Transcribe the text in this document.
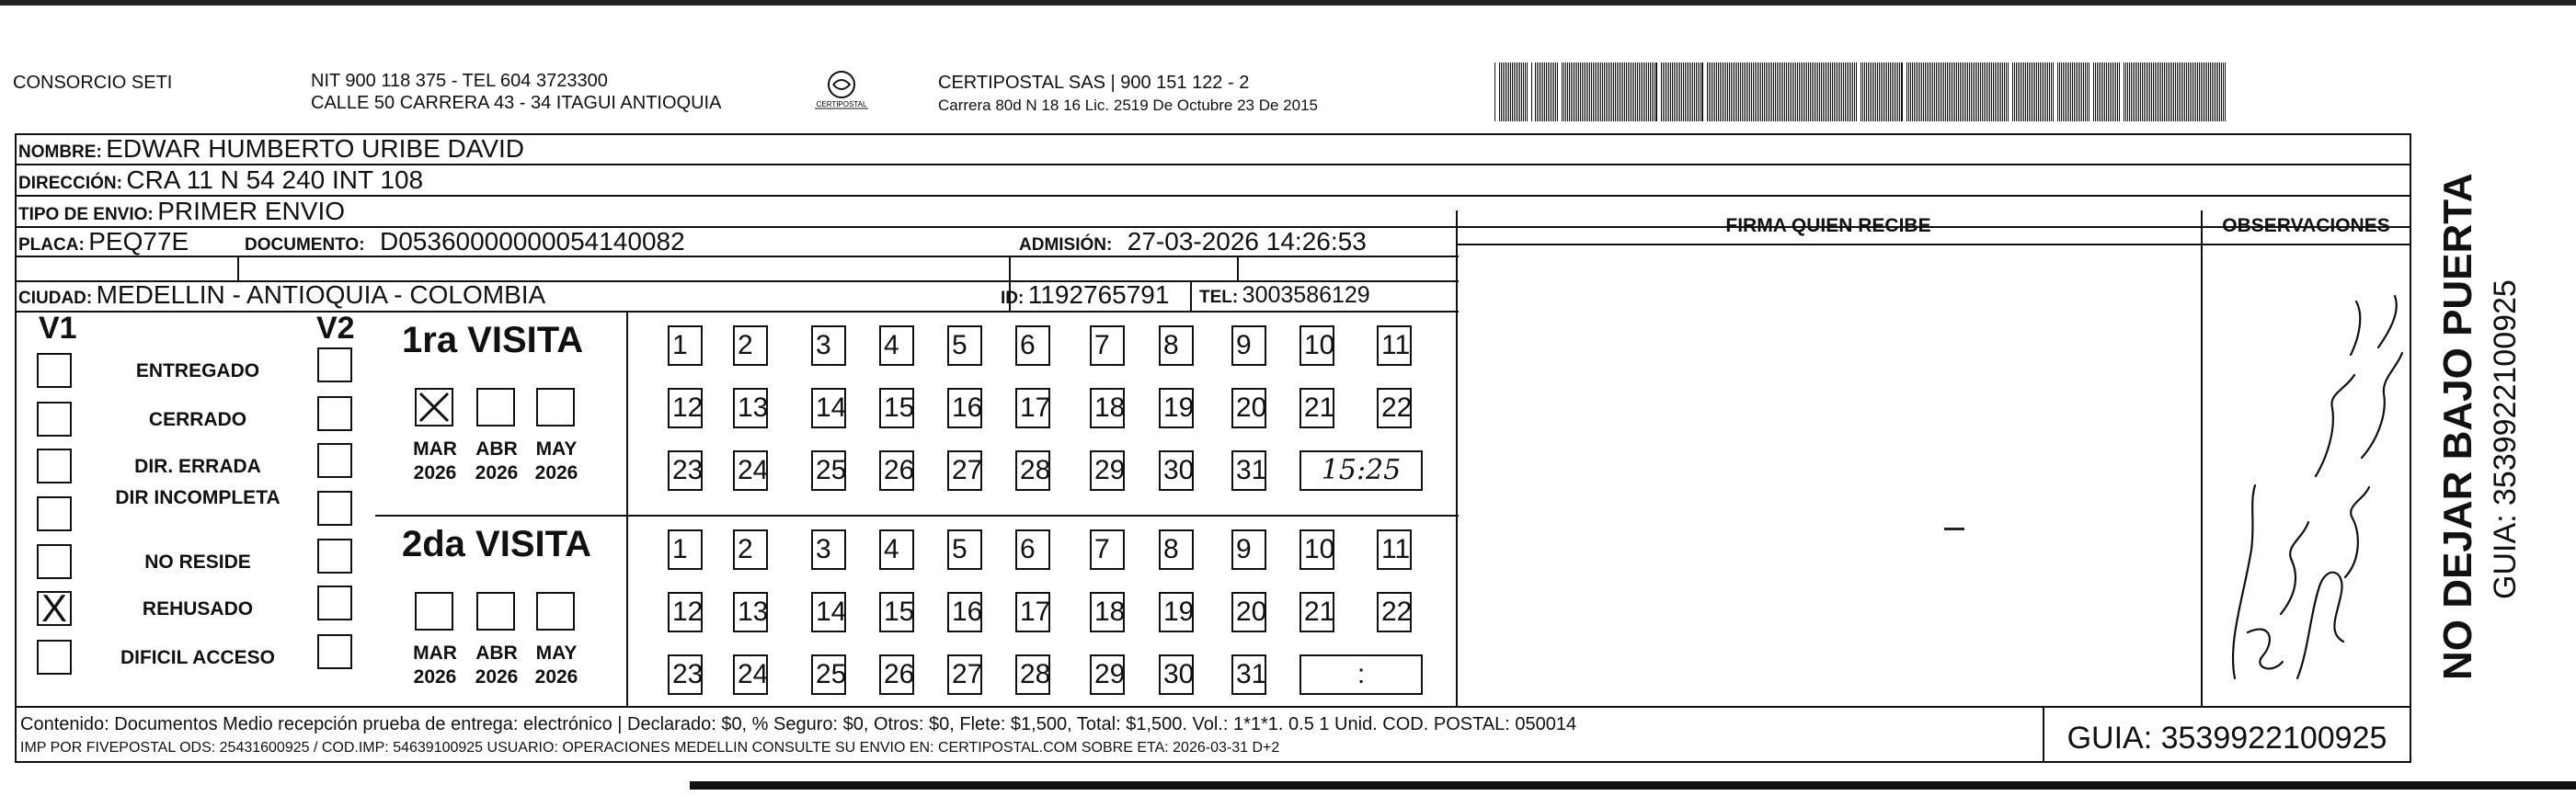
CONSORCIO SETI	NIT 900 118 375 - TEL 604 3723300
CALLE 50 CARRERA 43 - 34 ITAGUI ANTIOQUIA	CERTIPOSTAL
CERTIPOSTAL SAS | 900 151 122 - 2
Carrera 80d N 18 16 Lic. 2519 De Octubre 23 De 2015
NOMBRE: EDWAR HUMBERTO URIBE DAVID
DIRECCIÓN: CRA 11 N 54 240 INT 108
TIPO DE ENVIO: PRIMER ENVIO
PLACA: PEQ77E	DOCUMENTO: D05360000000054140082	ADMISIÓN: 27-03-2026 14:26:53
CIUDAD: MEDELLIN - ANTIOQUIA - COLOMBIA	ID: 1192765791 TEL: 3003586129
FIRMA QUIEN RECIBE	OBSERVACIONES
V1	V2
ENTREGADO
CERRADO
DIR. ERRADA
DIR INCOMPLETA
NO RESIDE
X	REHUSADO
DIFICIL ACCESO
1ra VISITA
MAR
2026
ABR
2026
MAY
2026
1	2	3	4	5	6	7	8	9	10 11
12 13 14 15 16 17 18 19 20 21 22
23 24 25 26 27 28 29 30 31	15:25
2da VISITA
MAR
2026
ABR
2026
MAY
2026
1	2	3	4	5	6	7	8	9	10 11
12 13 14 15 16 17 18 19 20 21 22
23 24 25 26 27 28 29 30 31	:
Contenido: Documentos Medio recepción prueba de entrega: electrónico | Declarado: $0, % Seguro: $0, Otros: $0, Flete: $1,500, Total: $1,500. Vol.: 1*1*1. 0.5 1 Unid. COD. POSTAL: 050014
IMP POR FIVEPOSTAL ODS: 25431600925 / COD.IMP: 54639100925 USUARIO: OPERACIONES MEDELLIN CONSULTE SU ENVIO EN: CERTIPOSTAL.COM SOBRE ETA: 2026-03-31 D+2	GUIA: 3539922100925
NO DEJAR BAJO PUERTA GUIA: 3539922100925
